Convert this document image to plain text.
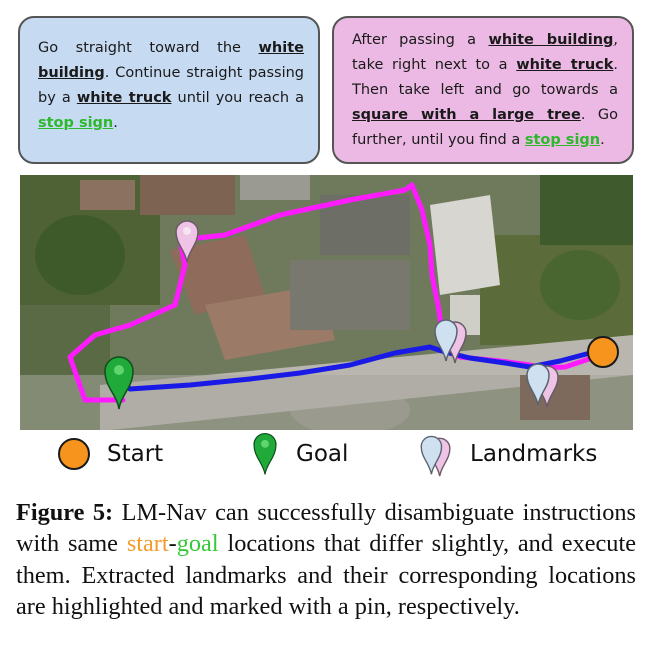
Go straight toward the white building. Continue straight passing by a white truck until you reach a stop sign.
After passing a white building, take right next to a white truck. Then take left and go towards a square with a large tree. Go further, until you find a stop sign.
Start	Goal	Landmarks
Figure 5: LM-Nav can successfully disambiguate instructions with same start-goal locations that differ slightly, and execute them. Extracted landmarks and their corresponding locations are highlighted and marked with a pin, respectively.
